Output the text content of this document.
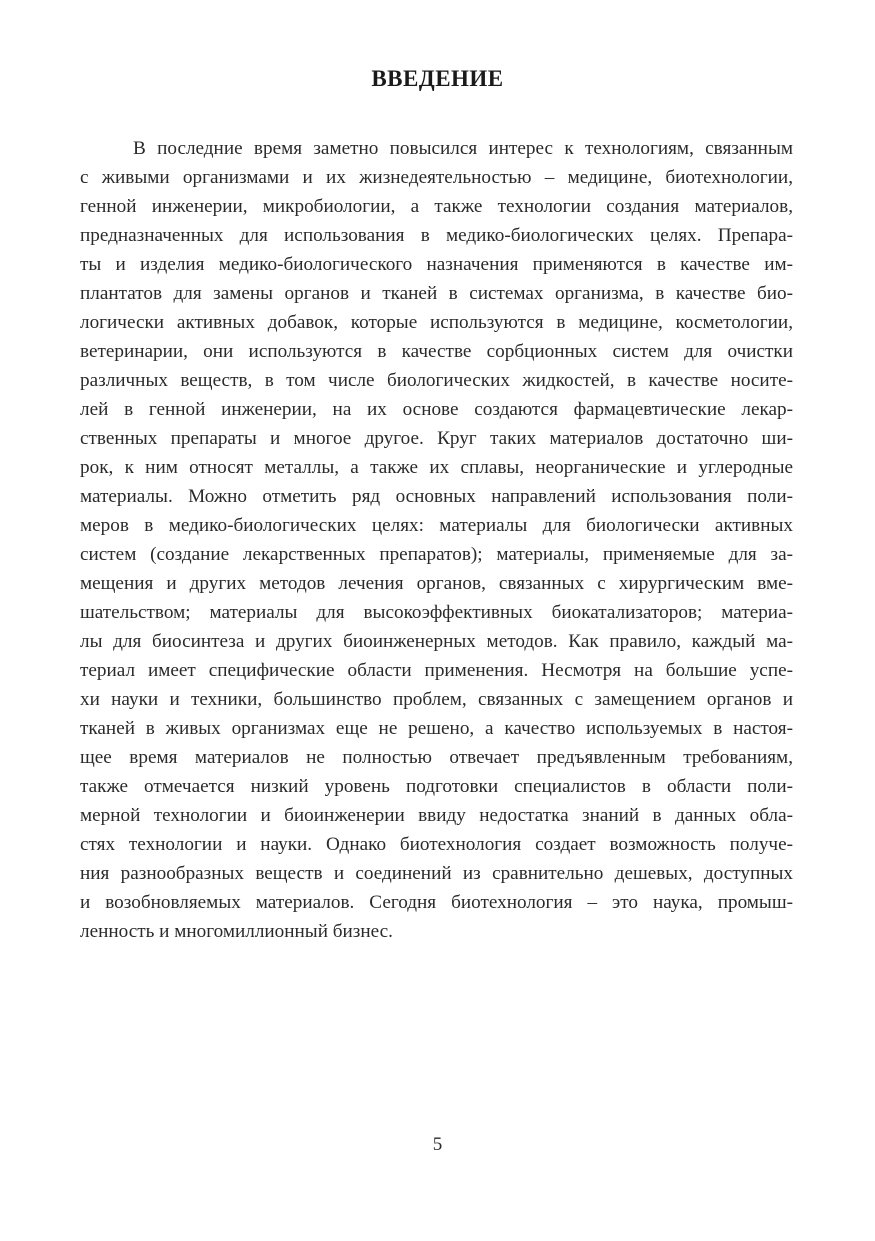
ВВЕДЕНИЕ
В последние время заметно повысился интерес к технологиям, связанным
с живыми организмами и их жизнедеятельностью – медицине, биотехнологии,
генной инженерии, микробиологии, а также технологии создания материалов,
предназначенных для использования в медико-биологических целях. Препара-
ты и изделия медико-биологического назначения применяются в качестве им-
плантатов для замены органов и тканей в системах организма, в качестве био-
логически активных добавок, которые используются в медицине, косметологии,
ветеринарии, они используются в качестве сорбционных систем для очистки
различных веществ, в том числе биологических жидкостей, в качестве носите-
лей в генной инженерии, на их основе создаются фармацевтические лекар-
ственных препараты и многое другое. Круг таких материалов достаточно ши-
рок, к ним относят металлы, а также их сплавы, неорганические и углеродные
материалы. Можно отметить ряд основных направлений использования поли-
меров в медико-биологических целях: материалы для биологически активных
систем (создание лекарственных препаратов); материалы, применяемые для за-
мещения и других методов лечения органов, связанных с хирургическим вме-
шательством; материалы для высокоэффективных биокатализаторов; материа-
лы для биосинтеза и других биоинженерных методов. Как правило, каждый ма-
териал имеет специфические области применения. Несмотря на большие успе-
хи науки и техники, большинство проблем, связанных с замещением органов и
тканей в живых организмах еще не решено, а качество используемых в настоя-
щее время материалов не полностью отвечает предъявленным требованиям,
также отмечается низкий уровень подготовки специалистов в области поли-
мерной технологии и биоинженерии ввиду недостатка знаний в данных обла-
стях технологии и науки. Однако биотехнология создает возможность получе-
ния разнообразных веществ и соединений из сравнительно дешевых, доступных
и возобновляемых материалов. Сегодня биотехнология – это наука, промыш-
ленность и многомиллионный бизнес.
5
